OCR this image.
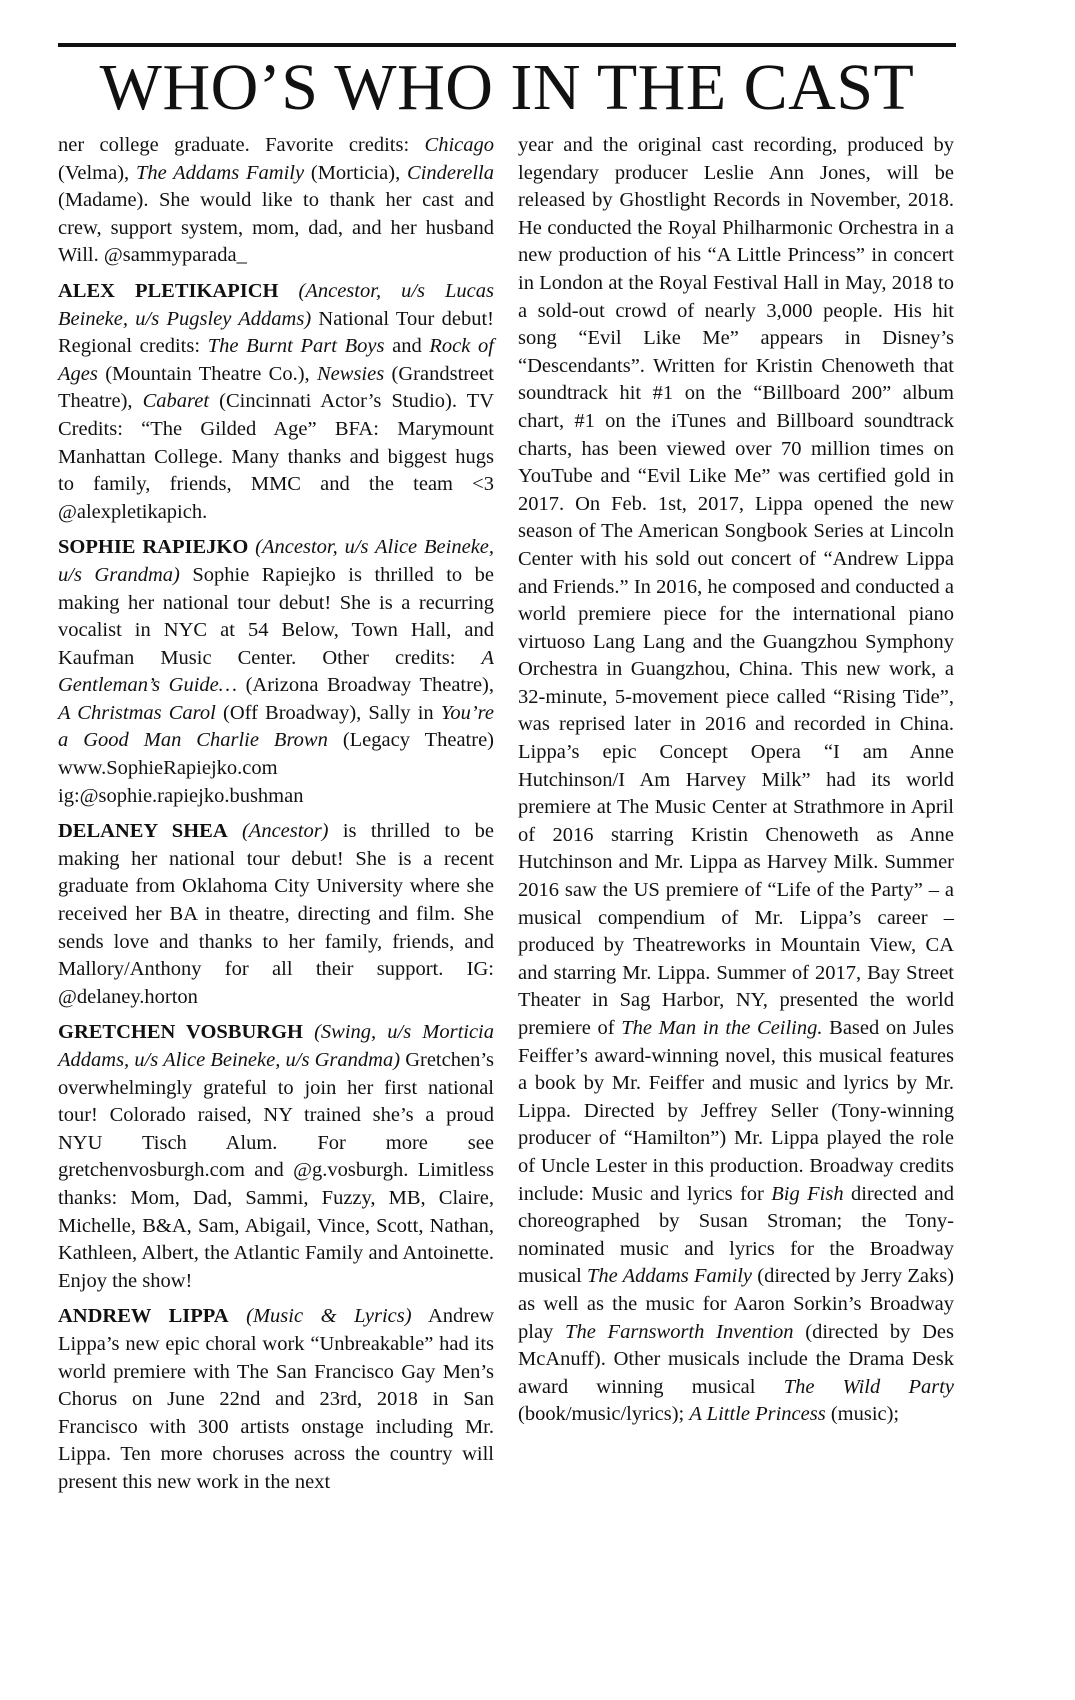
WHO’S WHO IN THE CAST

ner college graduate. Favorite credits: Chicago (Velma), The Addams Family (Morticia), Cinderella (Madame). She would like to thank her cast and crew, support system, mom, dad, and her husband Will. @sammyparada_

ALEX PLETIKAPICH (Ancestor, u/s Lucas Beineke, u/s Pugsley Addams) National Tour debut! Regional credits: The Burnt Part Boys and Rock of Ages (Mountain Theatre Co.), Newsies (Grandstreet Theatre), Cabaret (Cincinnati Actor’s Studio). TV Credits: “The Gilded Age” BFA: Marymount Manhattan College. Many thanks and biggest hugs to family, friends, MMC and the team <3 @alexpletikapich.

SOPHIE RAPIEJKO (Ancestor, u/s Alice Beineke, u/s Grandma) Sophie Rapiejko is thrilled to be making her national tour debut! She is a recurring vocalist in NYC at 54 Below, Town Hall, and Kaufman Music Center. Other credits: A Gentleman’s Guide… (Arizona Broadway Theatre), A Christmas Carol (Off Broadway), Sally in You’re a Good Man Charlie Brown (Legacy Theatre) www.SophieRapiejko.com ig:@sophie.rapiejko.bushman

DELANEY SHEA (Ancestor) is thrilled to be making her national tour debut! She is a recent graduate from Oklahoma City University where she received her BA in theatre, directing and film. She sends love and thanks to her family, friends, and Mallory/Anthony for all their support. IG: @delaney.horton

GRETCHEN VOSBURGH (Swing, u/s Morticia Addams, u/s Alice Beineke, u/s Grandma) Gretchen’s overwhelmingly grateful to join her first national tour! Colorado raised, NY trained she’s a proud NYU Tisch Alum. For more see gretchenvosburgh.com and @g.vosburgh. Limitless thanks: Mom, Dad, Sammi, Fuzzy, MB, Claire, Michelle, B&A, Sam, Abigail, Vince, Scott, Nathan, Kathleen, Albert, the Atlantic Family and Antoinette. Enjoy the show!

ANDREW LIPPA (Music & Lyrics) Andrew Lippa’s new epic choral work “Unbreakable” had its world premiere with The San Francisco Gay Men’s Chorus on June 22nd and 23rd, 2018 in San Francisco with 300 artists onstage including Mr. Lippa. Ten more choruses across the country will present this new work in the next

year and the original cast recording, produced by legendary producer Leslie Ann Jones, will be released by Ghostlight Records in November, 2018. He conducted the Royal Philharmonic Orchestra in a new production of his “A Little Princess” in concert in London at the Royal Festival Hall in May, 2018 to a sold-out crowd of nearly 3,000 people. His hit song “Evil Like Me” appears in Disney’s “Descendants”. Written for Kristin Chenoweth that soundtrack hit #1 on the “Billboard 200” album chart, #1 on the iTunes and Billboard soundtrack charts, has been viewed over 70 million times on YouTube and “Evil Like Me” was certified gold in 2017. On Feb. 1st, 2017, Lippa opened the new season of The American Songbook Series at Lincoln Center with his sold out concert of “Andrew Lippa and Friends.” In 2016, he composed and conducted a world premiere piece for the international piano virtuoso Lang Lang and the Guangzhou Symphony Orchestra in Guangzhou, China. This new work, a 32-minute, 5-movement piece called “Rising Tide”, was reprised later in 2016 and recorded in China. Lippa’s epic Concept Opera “I am Anne Hutchinson/I Am Harvey Milk” had its world premiere at The Music Center at Strathmore in April of 2016 starring Kristin Chenoweth as Anne Hutchinson and Mr. Lippa as Harvey Milk. Summer 2016 saw the US premiere of “Life of the Party” – a musical compendium of Mr. Lippa’s career – produced by Theatreworks in Mountain View, CA and starring Mr. Lippa. Summer of 2017, Bay Street Theater in Sag Harbor, NY, presented the world premiere of The Man in the Ceiling. Based on Jules Feiffer’s award-winning novel, this musical features a book by Mr. Feiffer and music and lyrics by Mr. Lippa. Directed by Jeffrey Seller (Tony-winning producer of “Hamilton”) Mr. Lippa played the role of Uncle Lester in this production. Broadway credits include: Music and lyrics for Big Fish directed and choreographed by Susan Stroman; the Tony-nominated music and lyrics for the Broadway musical The Addams Family (directed by Jerry Zaks) as well as the music for Aaron Sorkin’s Broadway play The Farnsworth Invention (directed by Des McAnuff). Other musicals include the Drama Desk award winning musical The Wild Party (book/music/lyrics); A Little Princess (music);
